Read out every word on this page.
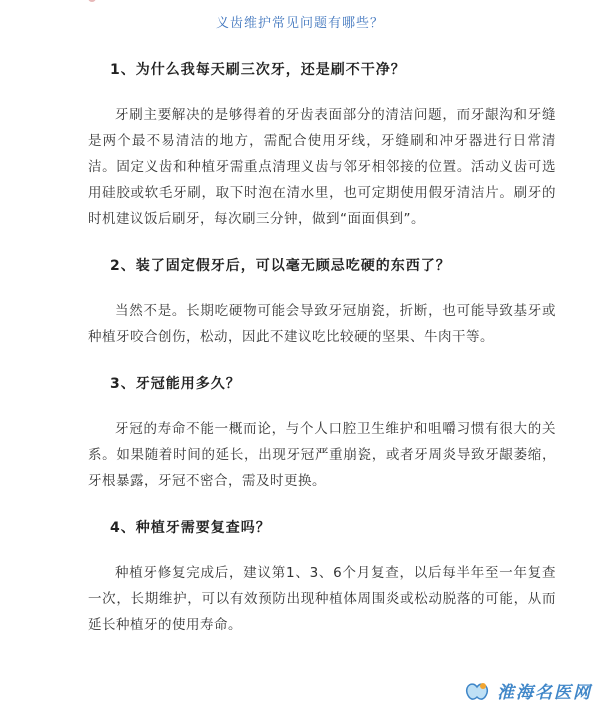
义齿维护常见问题有哪些？

1、为什么我每天刷三次牙，还是刷不干净？

牙刷主要解决的是够得着的牙齿表面部分的清洁问题，而牙龈沟和牙缝是两个最不易清洁的地方，需配合使用牙线，牙缝刷和冲牙器进行日常清洁。固定义齿和种植牙需重点清理义齿与邻牙相邻接的位置。活动义齿可选用硅胶或软毛牙刷，取下时泡在清水里，也可定期使用假牙清洁片。刷牙的时机建议饭后刷牙，每次刷三分钟，做到“面面俱到”。

2、装了固定假牙后，可以毫无顾忌吃硬的东西了？

当然不是。长期吃硬物可能会导致牙冠崩瓷，折断，也可能导致基牙或种植牙咬合创伤，松动，因此不建议吃比较硬的坚果、牛肉干等。

3、牙冠能用多久？

牙冠的寿命不能一概而论，与个人口腔卫生维护和咀嚼习惯有很大的关系。如果随着时间的延长，出现牙冠严重崩瓷，或者牙周炎导致牙龈萎缩，牙根暴露，牙冠不密合，需及时更换。

4、种植牙需要复查吗？

种植牙修复完成后，建议第1、3、6个月复查，以后每半年至一年复查一次，长期维护，可以有效预防出现种植体周围炎或松动脱落的可能，从而延长种植牙的使用寿命。

淮海名医网
